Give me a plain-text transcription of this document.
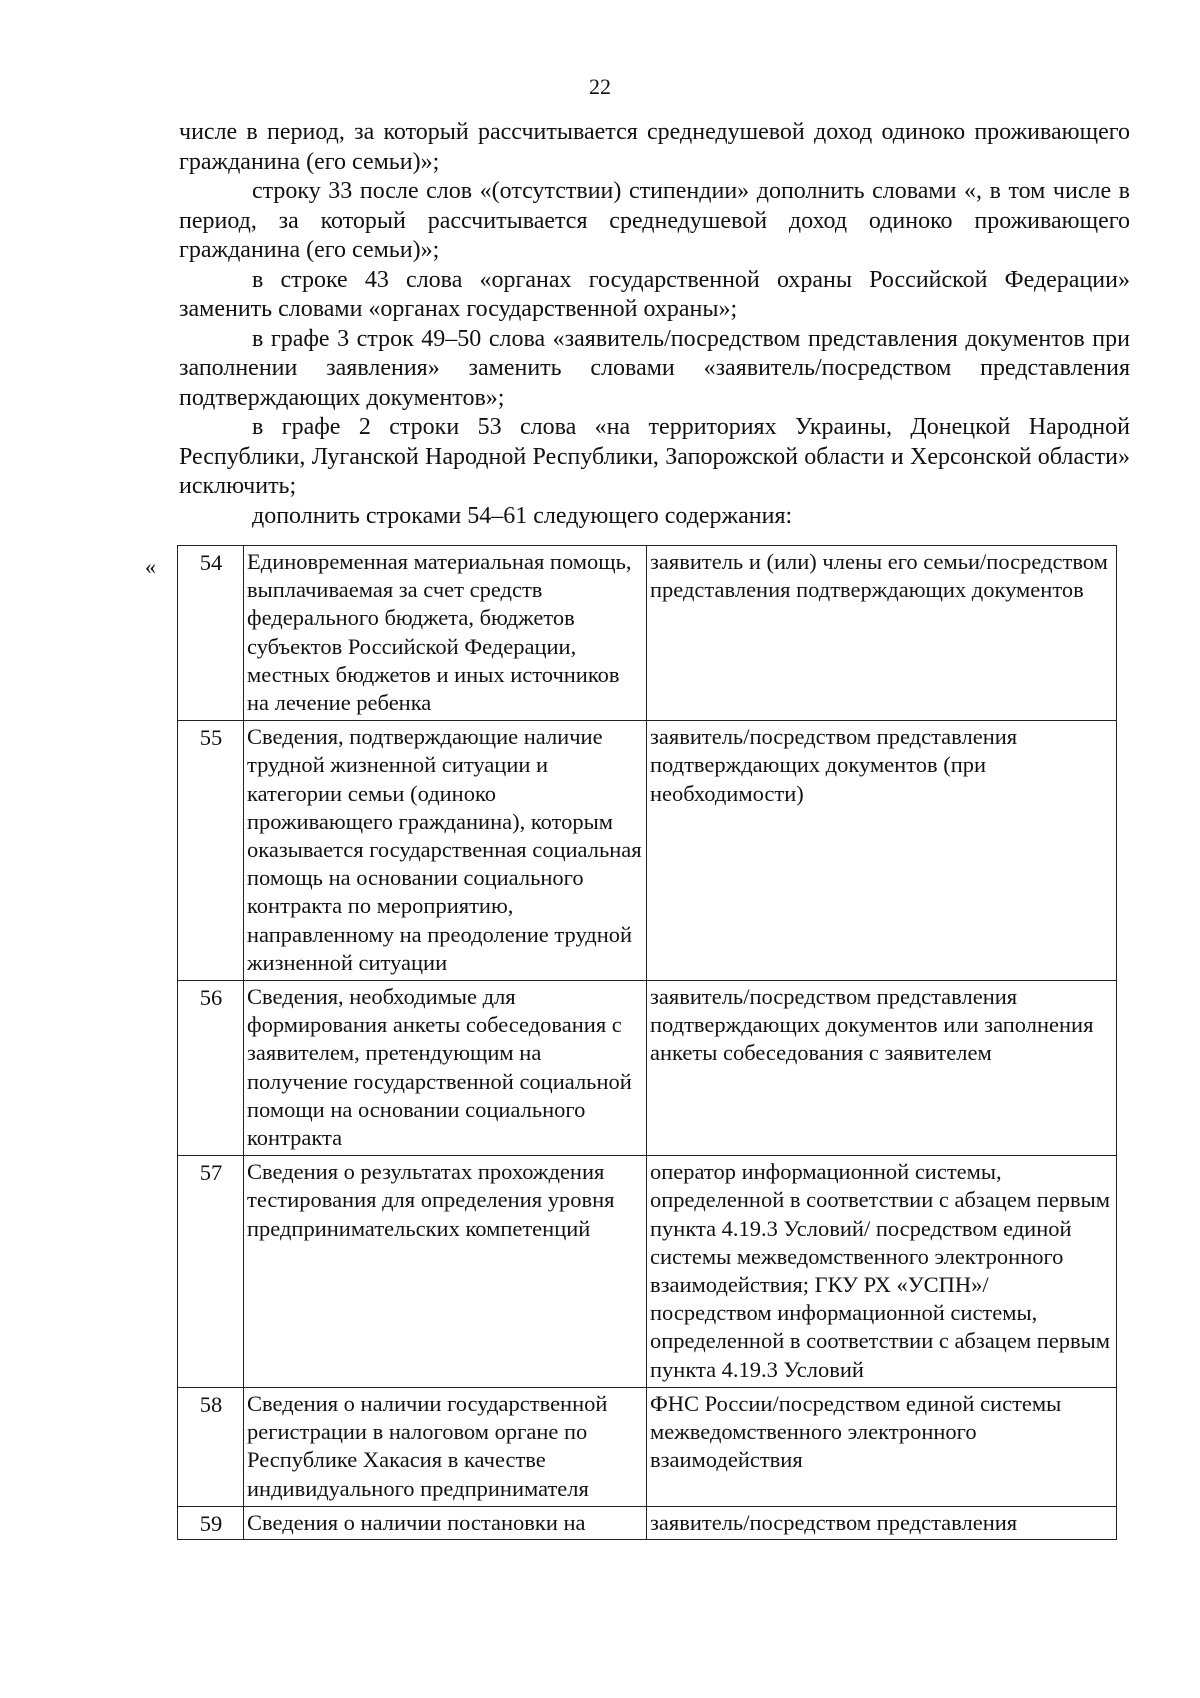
22

числе в период, за который рассчитывается среднедушевой доход одиноко проживающего гражданина (его семьи)»;

строку 33 после слов «(отсутствии) стипендии» дополнить словами «, в том числе в период, за который рассчитывается среднедушевой доход одиноко проживающего гражданина (его семьи)»;

в строке 43 слова «органах государственной охраны Российской Федерации» заменить словами «органах государственной охраны»;

в графе 3 строк 49–50 слова «заявитель/посредством представления документов при заполнении заявления» заменить словами «заявитель/посредством представления подтверждающих документов»;

в графе 2 строки 53 слова «на территориях Украины, Донецкой Народной Республики, Луганской Народной Республики, Запорожской области и Херсонской области» исключить;

дополнить строками 54–61 следующего содержания:

« 54	Единовременная материальная помощь, выплачиваемая за счет средств федерального бюджета, бюджетов субъектов Российской Федерации, местных бюджетов и иных источников на лечение ребенка	заявитель и (или) члены его семьи/посредством представления подтверждающих документов
55	Сведения, подтверждающие наличие трудной жизненной ситуации и категории семьи (одиноко проживающего гражданина), которым оказывается государственная социальная помощь на основании социального контракта по мероприятию, направленному на преодоление трудной жизненной ситуации	заявитель/посредством представления подтверждающих документов (при необходимости)
56	Сведения, необходимые для формирования анкеты собеседования с заявителем, претендующим на получение государственной социальной помощи на основании социального контракта	заявитель/посредством представления подтверждающих документов или заполнения анкеты собеседования с заявителем
57	Сведения о результатах прохождения тестирования для определения уровня предпринимательских компетенций	оператор информационной системы, определенной в соответствии с абзацем первым пункта 4.19.3 Условий/ посредством единой системы межведомственного электронного взаимодействия; ГКУ РХ «УСПН»/ посредством информационной системы, определенной в соответствии с абзацем первым пункта 4.19.3 Условий
58	Сведения о наличии государственной регистрации в налоговом органе по Республике Хакасия в качестве индивидуального предпринимателя	ФНС России/посредством единой системы межведомственного электронного взаимодействия
59	Сведения о наличии постановки на	заявитель/посредством представления
